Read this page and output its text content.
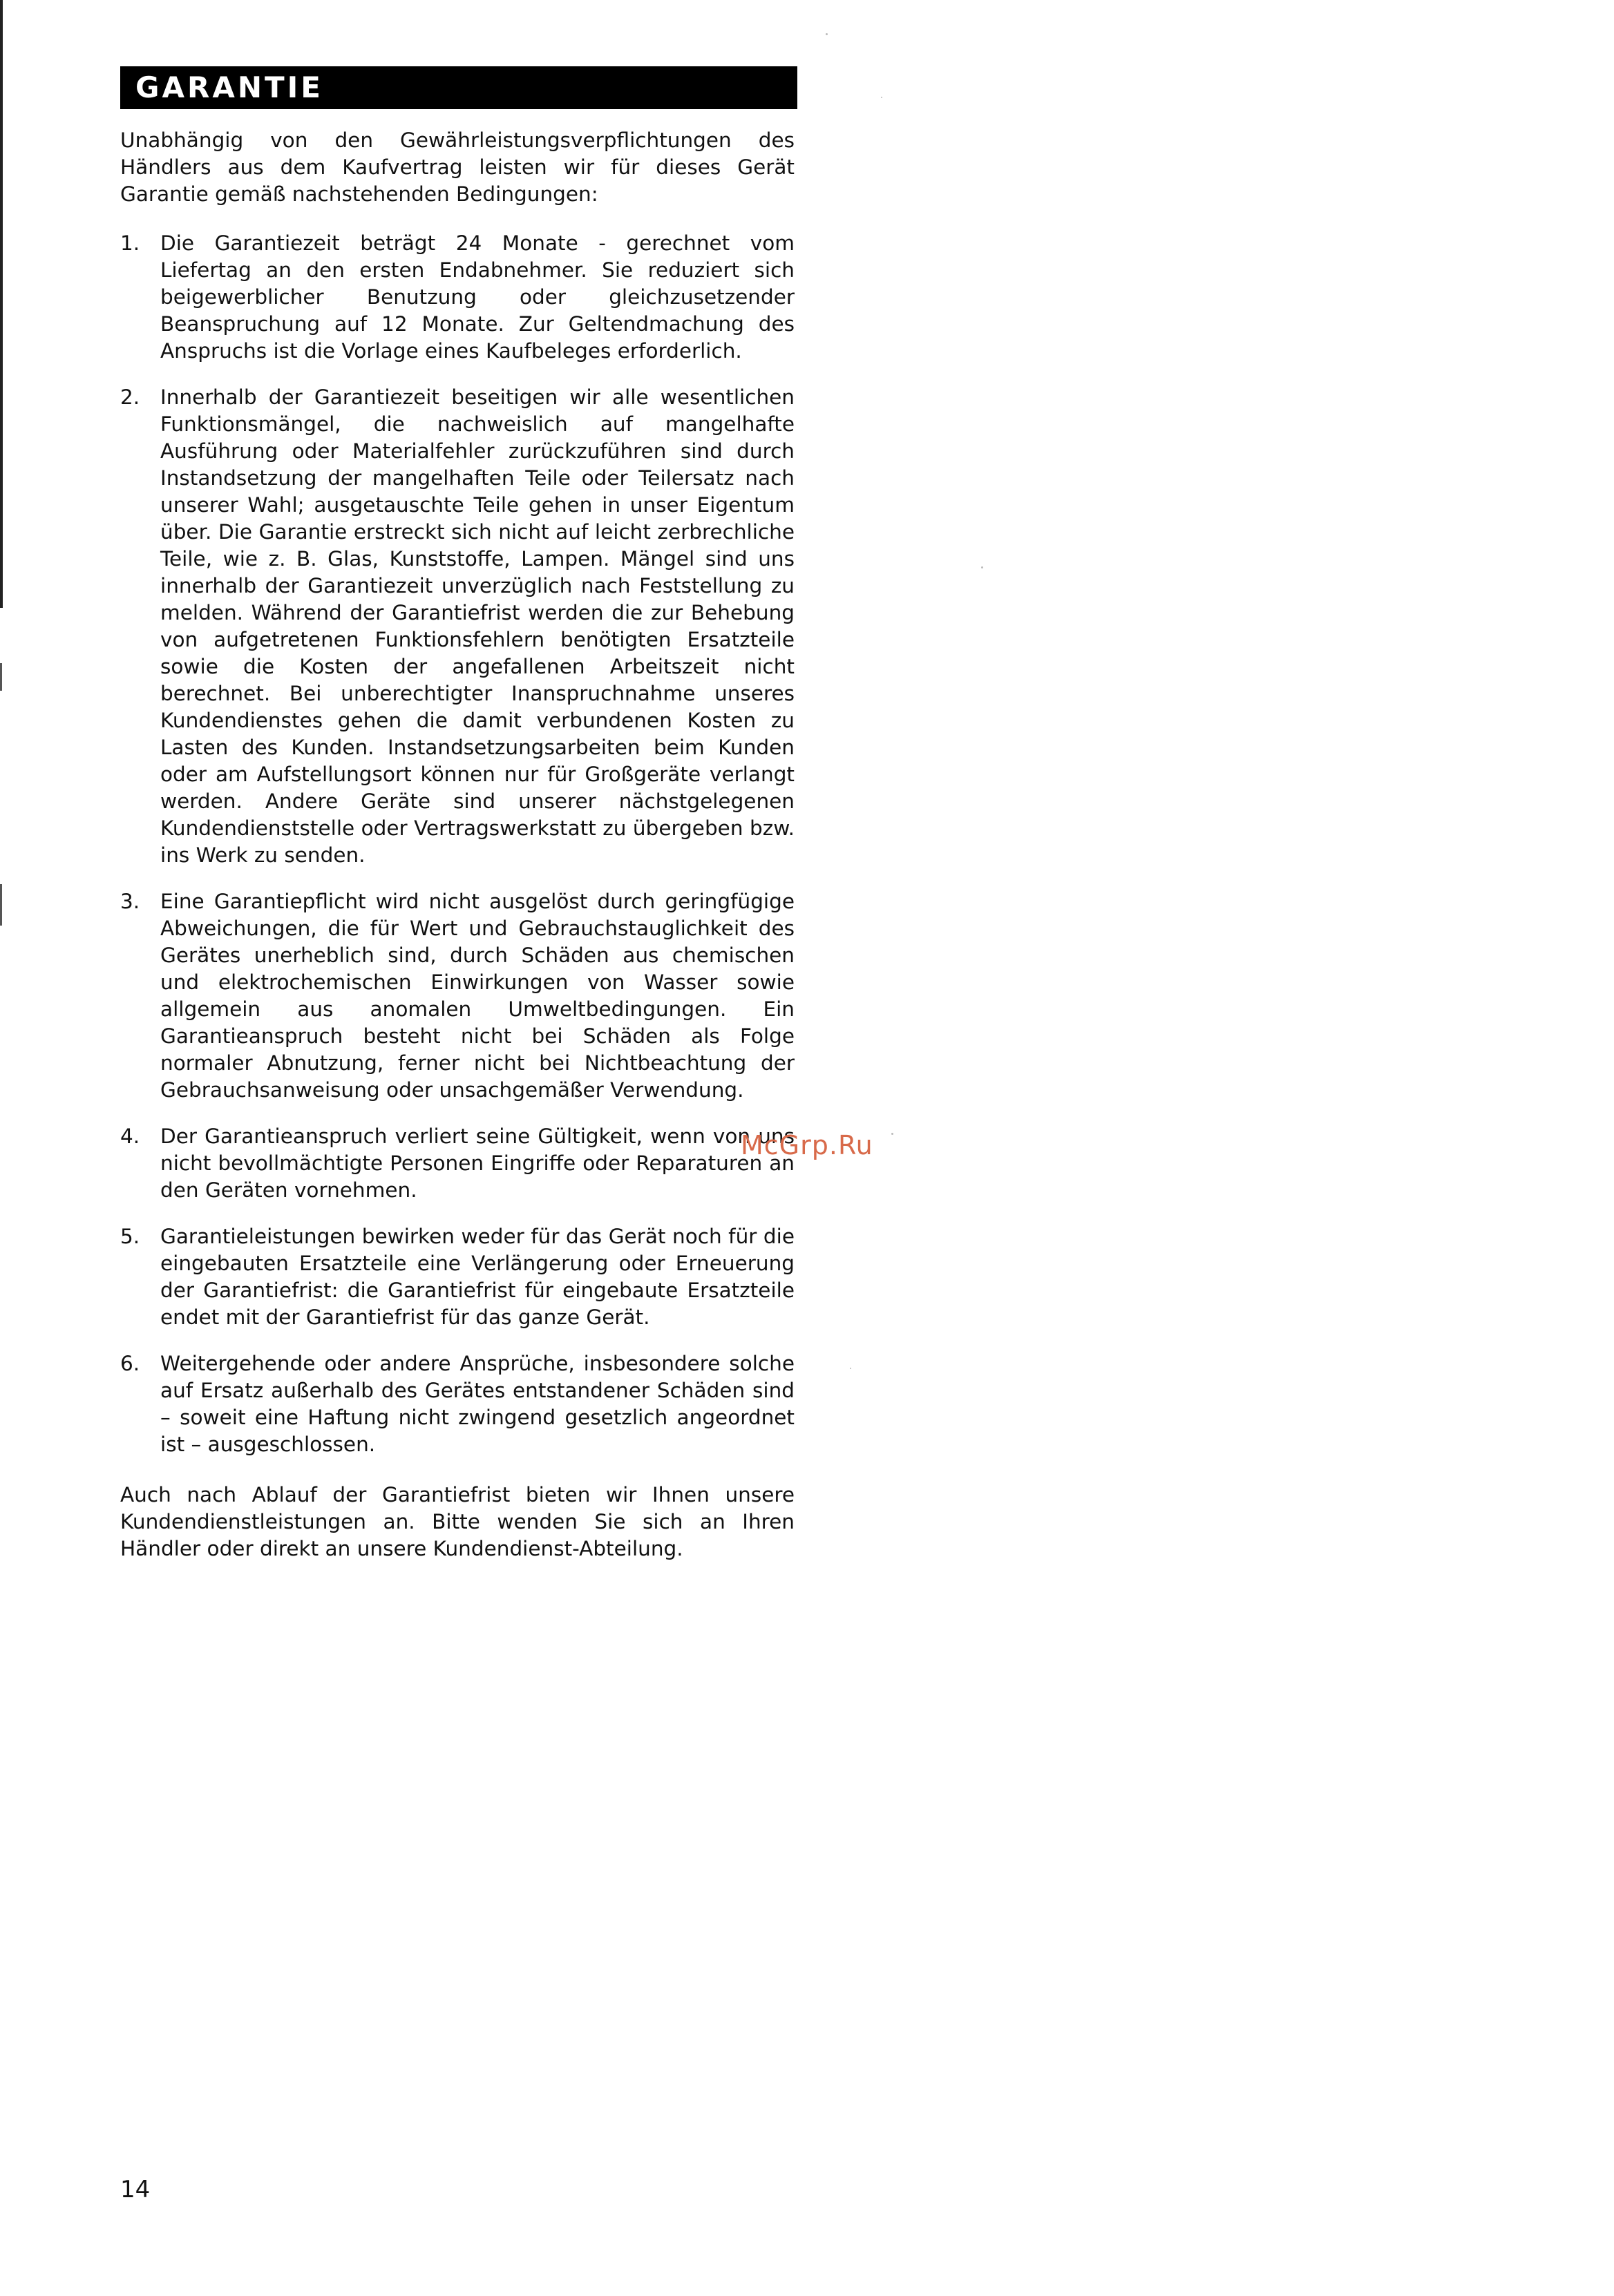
GARANTIE

Unabhängig von den Gewährleistungsverpflichtungen des Händlers aus dem Kaufvertrag leisten wir für dieses Gerät Garantie gemäß nachstehenden Bedingungen:

1.	Die Garantiezeit beträgt 24 Monate - gerechnet vom Liefertag an den ersten Endabnehmer. Sie reduziert sich beigewerblicher Benutzung oder gleichzusetzender Beanspruchung auf 12 Monate. Zur Geltendmachung des Anspruchs ist die Vorlage eines Kaufbeleges erforderlich.
2.	Innerhalb der Garantiezeit beseitigen wir alle wesentlichen Funktionsmängel, die nachweislich auf mangelhafte Ausführung oder Materialfehler zurückzuführen sind durch Instandsetzung der mangelhaften Teile oder Teilersatz nach unserer Wahl; ausgetauschte Teile gehen in unser Eigentum über. Die Garantie erstreckt sich nicht auf leicht zerbrechliche Teile, wie z. B. Glas, Kunststoffe, Lampen. Mängel sind uns innerhalb der Garantiezeit unverzüglich nach Feststellung zu melden. Während der Garantiefrist werden die zur Behebung von aufgetretenen Funktionsfehlern benötigten Ersatzteile sowie die Kosten der angefallenen Arbeitszeit nicht berechnet. Bei unberechtigter Inanspruchnahme unseres Kundendienstes gehen die damit verbundenen Kosten zu Lasten des Kunden. Instandsetzungsarbeiten beim Kunden oder am Aufstellungsort können nur für Großgeräte verlangt werden. Andere Geräte sind unserer nächstgelegenen Kundendienststelle oder Vertragswerkstatt zu übergeben bzw. ins Werk zu senden.
3.	Eine Garantiepflicht wird nicht ausgelöst durch geringfügige Abweichungen, die für Wert und Gebrauchstauglichkeit des Gerätes unerheblich sind, durch Schäden aus chemischen und elektrochemischen Einwirkungen von Wasser sowie allgemein aus anomalen Umweltbedingungen. Ein Garantieanspruch besteht nicht bei Schäden als Folge normaler Abnutzung, ferner nicht bei Nichtbeachtung der Gebrauchsanweisung oder unsachgemäßer Verwendung.
4.	Der Garantieanspruch verliert seine Gültigkeit, wenn von uns nicht bevollmächtigte Personen Eingriffe oder Reparaturen an den Geräten vornehmen.
5.	Garantieleistungen bewirken weder für das Gerät noch für die eingebauten Ersatzteile eine Verlängerung oder Erneuerung der Garantiefrist: die Garantiefrist für eingebaute Ersatzteile endet mit der Garantiefrist für das ganze Gerät.
6.	Weitergehende oder andere Ansprüche, insbesondere solche auf Ersatz außerhalb des Gerätes entstandener Schäden sind – soweit eine Haftung nicht zwingend gesetzlich angeordnet ist – ausgeschlossen.

Auch nach Ablauf der Garantiefrist bieten wir Ihnen unsere Kundendienstleistungen an. Bitte wenden Sie sich an Ihren Händler oder direkt an unsere Kundendienst-Abteilung.

McGrp.Ru
14
